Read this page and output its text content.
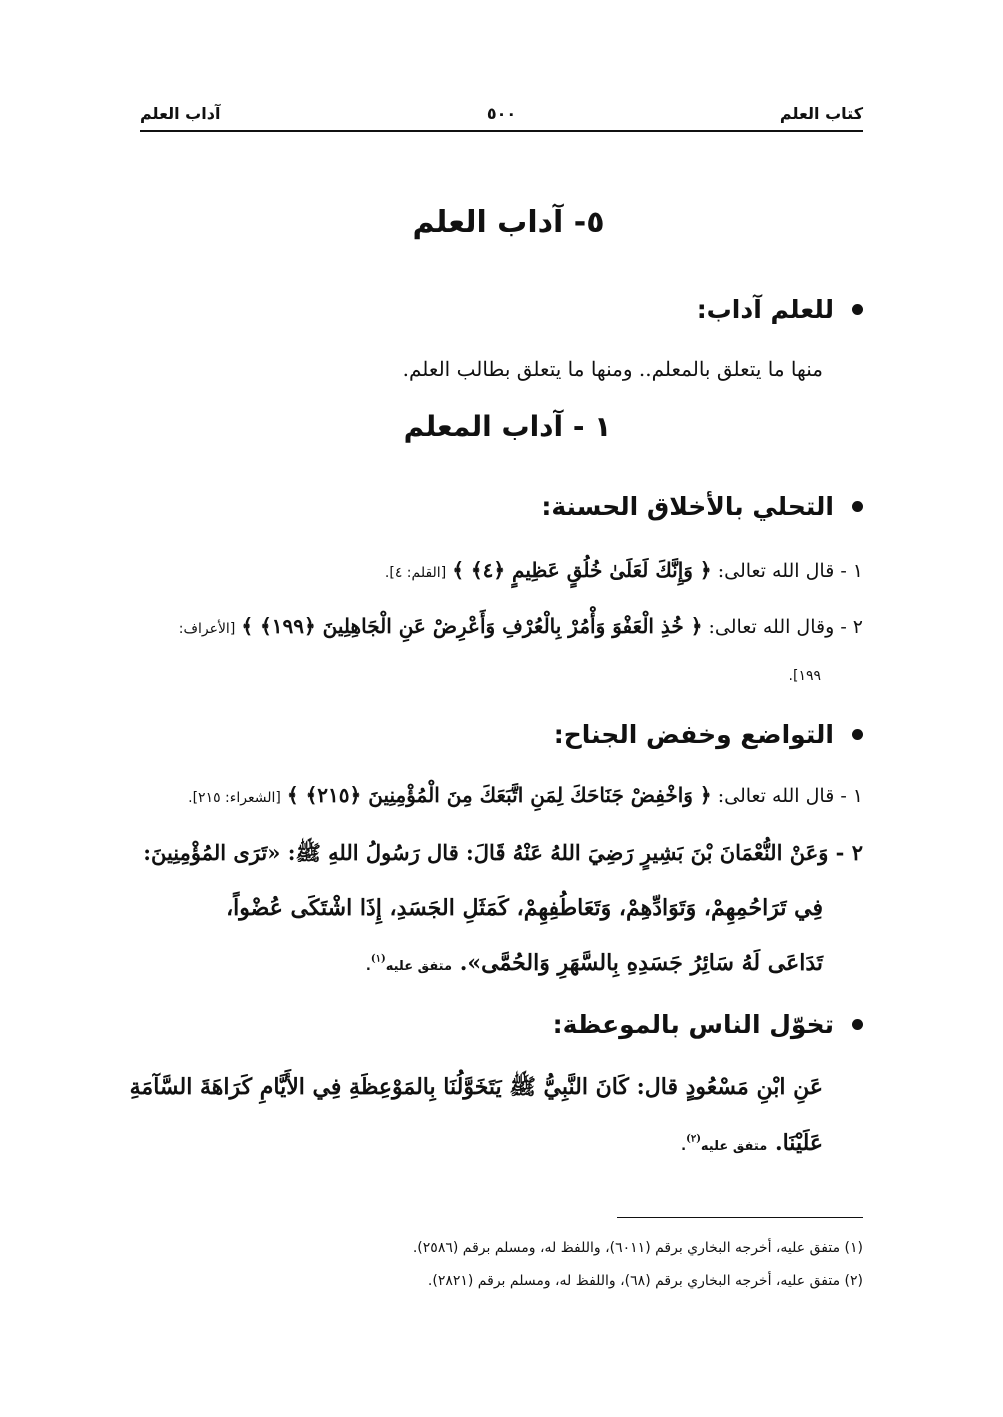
كتاب العلم
٥٠٠
آداب العلم
٥- آداب العلم
للعلم آداب:
منها ما يتعلق بالمعلم.. ومنها ما يتعلق بطالب العلم.
١ - آداب المعلم
التحلي بالأخلاق الحسنة:
١ - قال الله تعالى: ﴿ وَإِنَّكَ لَعَلَىٰ خُلُقٍ عَظِيمٍ ﴿٤﴾ ﴾ [القلم: ٤].
٢ - وقال الله تعالى: ﴿ خُذِ الْعَفْوَ وَأْمُرْ بِالْعُرْفِ وَأَعْرِضْ عَنِ الْجَاهِلِينَ ﴿١٩٩﴾ ﴾ [الأعراف:
١٩٩].
التواضع وخفض الجناح:
١ - قال الله تعالى: ﴿ وَاخْفِضْ جَنَاحَكَ لِمَنِ اتَّبَعَكَ مِنَ الْمُؤْمِنِينَ ﴿٢١٥﴾ ﴾ [الشعراء: ٢١٥].
٢ - وَعَنْ النُّعْمَانَ بْنَ بَشِيرٍ رَضِيَ اللهُ عَنْهُ قَالَ: قال رَسُولُ اللهِ ﷺ: «تَرَى المُؤْمِنِينَ:
فِي تَرَاحُمِهِمْ، وَتَوَادِّهِمْ، وَتَعَاطُفِهِمْ، كَمَثَلِ الجَسَدِ، إِذَا اشْتَكَى عُضْواً،
تَدَاعَى لَهُ سَائِرُ جَسَدِهِ بِالسَّهَرِ وَالحُمَّى». متفق عليه$^{(١)}$.
تخوّل الناس بالموعظة:
عَنِ ابْنِ مَسْعُودٍ قال: كَانَ النَّبِيُّ ﷺ يَتَخَوَّلُنَا بِالمَوْعِظَةِ فِي الأَيَّامِ كَرَاهَةَ السَّآمَةِ
عَلَيْنَا. متفق عليه$^{(٢)}$.
(١) متفق عليه، أخرجه البخاري برقم (٦٠١١)، واللفظ له، ومسلم برقم (٢٥٨٦).
(٢) متفق عليه، أخرجه البخاري برقم (٦٨)، واللفظ له، ومسلم برقم (٢٨٢١).
